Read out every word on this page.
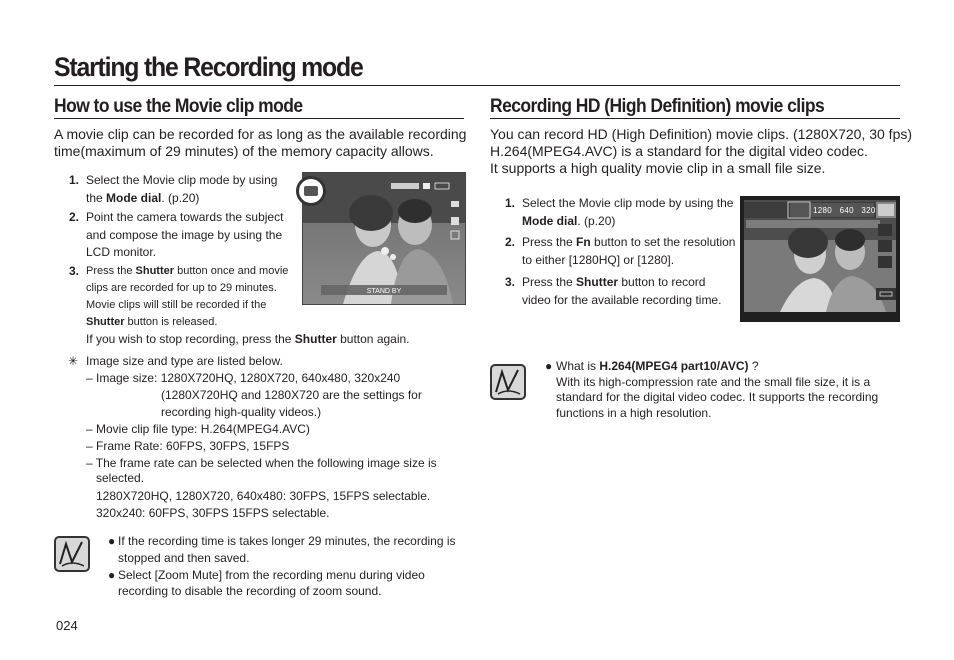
Starting the Recording mode
How to use the Movie clip mode
A movie clip can be recorded for as long as the available recording
time(maximum of 29 minutes) of the memory capacity allows.
1. Select the Movie clip mode by using
the Mode dial. (p.20)
2. Point the camera towards the subject
and compose the image by using the
LCD monitor.
3. Press the Shutter button once and movie
clips are recorded for up to 29 minutes.
Movie clips will still be recorded if the
Shutter button is released.
If you wish to stop recording, press the Shutter button again.
STAND BY
✳ Image size and type are listed below.
– Image size: 1280X720HQ, 1280X720, 640x480, 320x240
(1280X720HQ and 1280X720 are the settings for
recording high-quality videos.)
– Movie clip file type: H.264(MPEG4.AVC)
– Frame Rate: 60FPS, 30FPS, 15FPS
– The frame rate can be selected when the following image size is
selected.
1280X720HQ, 1280X720, 640x480: 30FPS, 15FPS selectable.
320x240: 60FPS, 30FPS 15FPS selectable.
● If the recording time is takes longer 29 minutes, the recording is
stopped and then saved.
● Select [Zoom Mute] from the recording menu during video
recording to disable the recording of zoom sound.
Recording HD (High Definition) movie clips
You can record HD (High Definition) movie clips. (1280X720, 30 fps)
H.264(MPEG4.AVC) is a standard for the digital video codec.
It supports a high quality movie clip in a small file size.
1. Select the Movie clip mode by using the
Mode dial. (p.20)
2. Press the Fn button to set the resolution
to either [1280HQ] or [1280].
3. Press the Shutter button to record
video for the available recording time.
1280 640 320
● What is H.264(MPEG4 part10/AVC) ?
With its high-compression rate and the small file size, it is a
standard for the digital video codec. It supports the recording
functions in a high resolution.
024
